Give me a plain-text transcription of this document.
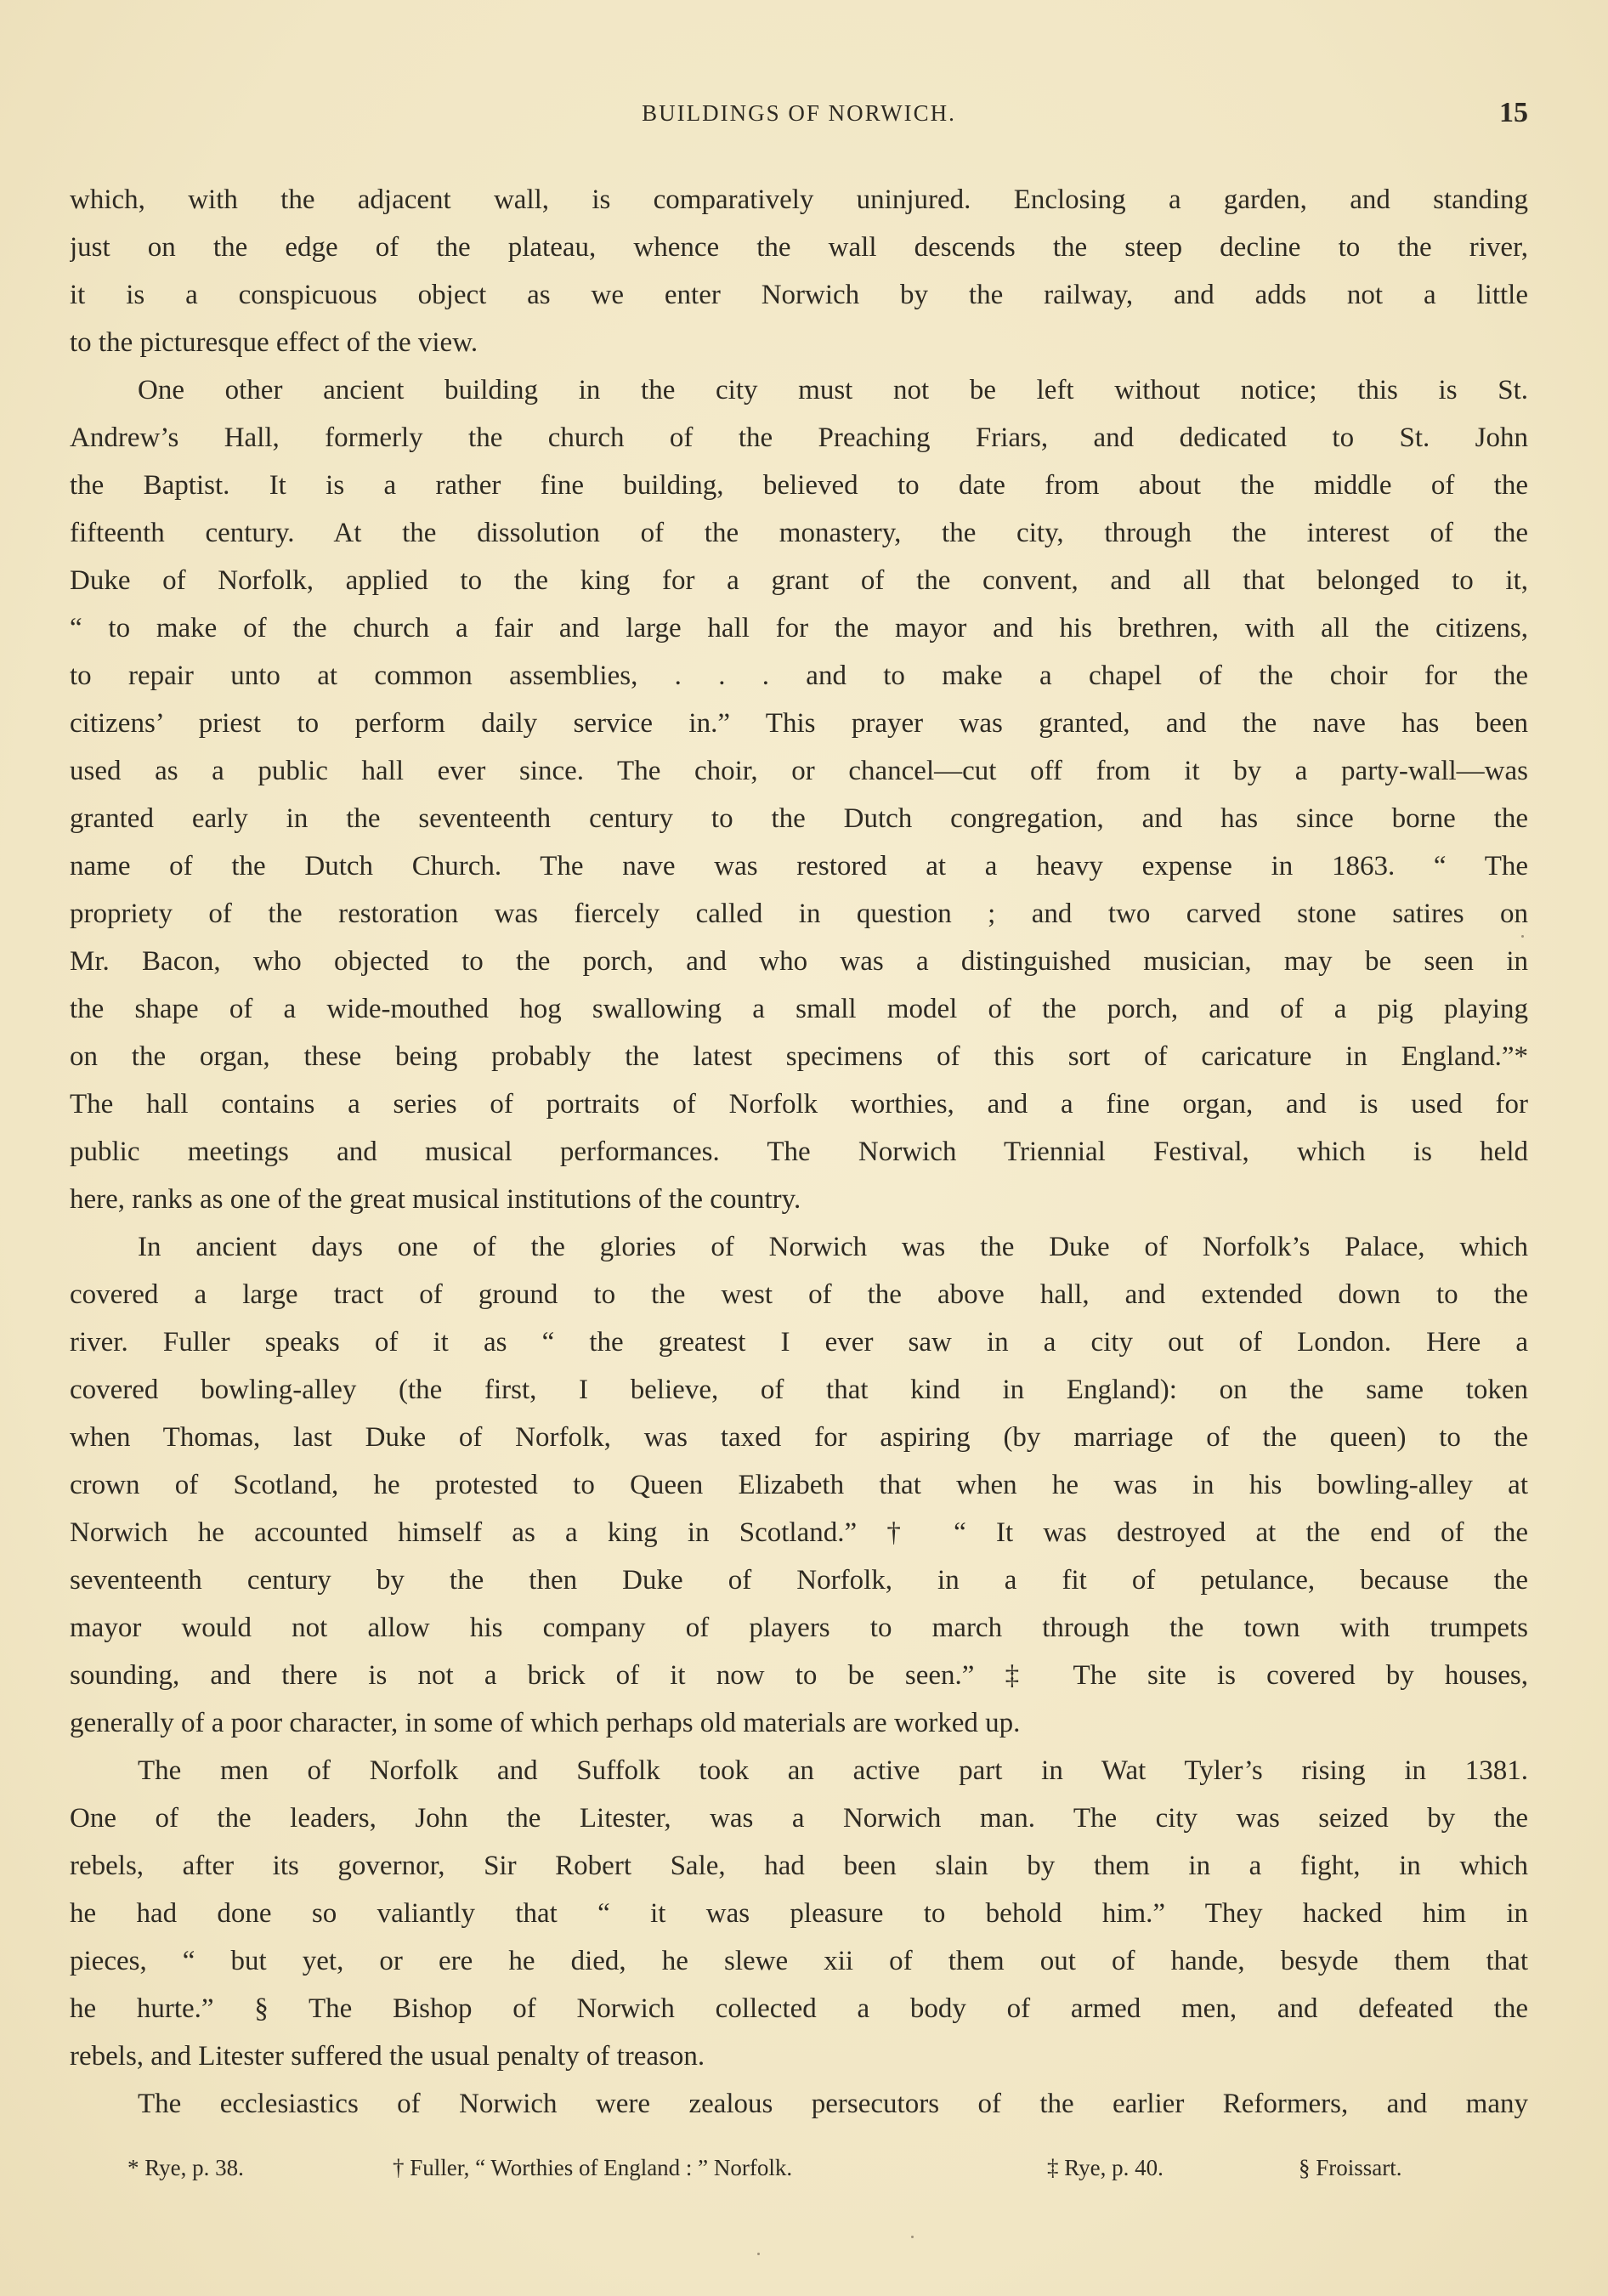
BUILDINGS OF NORWICH.	15
which, with the adjacent wall, is comparatively uninjured. Enclosing a garden, and standing
just on the edge of the plateau, whence the wall descends the steep decline to the river,
it is a conspicuous object as we enter Norwich by the railway, and adds not a little
to the picturesque effect of the view.
One other ancient building in the city must not be left without notice; this is St.
Andrew’s Hall, formerly the church of the Preaching Friars, and dedicated to St. John
the Baptist. It is a rather fine building, believed to date from about the middle of the
fifteenth century. At the dissolution of the monastery, the city, through the interest of the
Duke of Norfolk, applied to the king for a grant of the convent, and all that belonged to it,
“ to make of the church a fair and large hall for the mayor and his brethren, with all the citizens,
to repair unto at common assemblies, . . . and to make a chapel of the choir for the
citizens’ priest to perform daily service in.” This prayer was granted, and the nave has been
used as a public hall ever since. The choir, or chancel—cut off from it by a party-wall—was
granted early in the seventeenth century to the Dutch congregation, and has since borne the
name of the Dutch Church. The nave was restored at a heavy expense in 1863. “ The
propriety of the restoration was fiercely called in question ; and two carved stone satires on
Mr. Bacon, who objected to the porch, and who was a distinguished musician, may be seen in
the shape of a wide-mouthed hog swallowing a small model of the porch, and of a pig playing
on the organ, these being probably the latest specimens of this sort of caricature in England.”*
The hall contains a series of portraits of Norfolk worthies, and a fine organ, and is used for
public meetings and musical performances. The Norwich Triennial Festival, which is held
here, ranks as one of the great musical institutions of the country.
In ancient days one of the glories of Norwich was the Duke of Norfolk’s Palace, which
covered a large tract of ground to the west of the above hall, and extended down to the
river. Fuller speaks of it as “ the greatest I ever saw in a city out of London. Here a
covered bowling-alley (the first, I believe, of that kind in England): on the same token
when Thomas, last Duke of Norfolk, was taxed for aspiring (by marriage of the queen) to the
crown of Scotland, he protested to Queen Elizabeth that when he was in his bowling-alley at
Norwich he accounted himself as a king in Scotland.” † “ It was destroyed at the end of the
seventeenth century by the then Duke of Norfolk, in a fit of petulance, because the
mayor would not allow his company of players to march through the town with trumpets
sounding, and there is not a brick of it now to be seen.” ‡ The site is covered by houses,
generally of a poor character, in some of which perhaps old materials are worked up.
The men of Norfolk and Suffolk took an active part in Wat Tyler’s rising in 1381.
One of the leaders, John the Litester, was a Norwich man. The city was seized by the
rebels, after its governor, Sir Robert Sale, had been slain by them in a fight, in which
he had done so valiantly that “ it was pleasure to behold him.” They hacked him in
pieces, “ but yet, or ere he died, he slewe xii of them out of hande, besyde them that
he hurte.” § The Bishop of Norwich collected a body of armed men, and defeated the
rebels, and Litester suffered the usual penalty of treason.
The ecclesiastics of Norwich were zealous persecutors of the earlier Reformers, and many
* Rye, p. 38.	† Fuller, “ Worthies of England : ” Norfolk.	‡ Rye, p. 40.	§ Froissart.
